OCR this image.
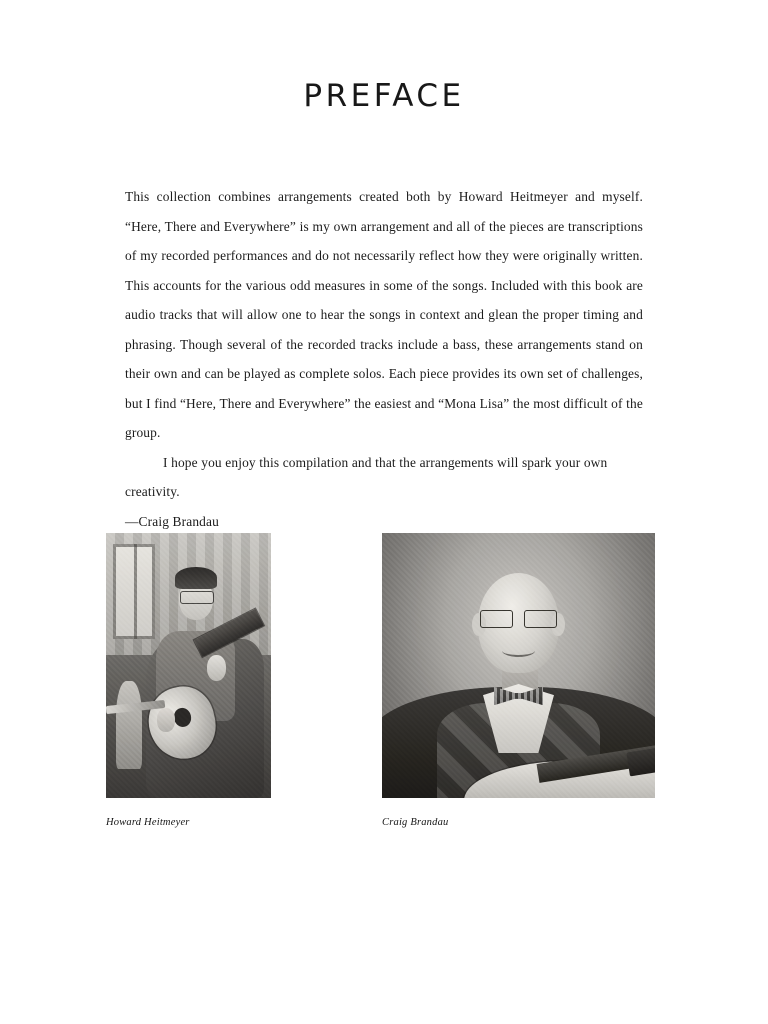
PREFACE

This collection combines arrangements created both by Howard Heitmeyer and myself. “Here, There and Everywhere” is my own arrangement and all of the pieces are transcriptions of my recorded performances and do not necessarily reflect how they were originally written. This accounts for the various odd measures in some of the songs. Included with this book are audio tracks that will allow one to hear the songs in context and glean the proper timing and phrasing. Though several of the recorded tracks include a bass, these arrangements stand on their own and can be played as complete solos. Each piece provides its own set of challenges, but I find “Here, There and Everywhere” the easiest and “Mona Lisa” the most difficult of the group.

I hope you enjoy this compilation and that the arrangements will spark your own creativity.

—Craig Brandau

Howard Heitmeyer	Craig Brandau
